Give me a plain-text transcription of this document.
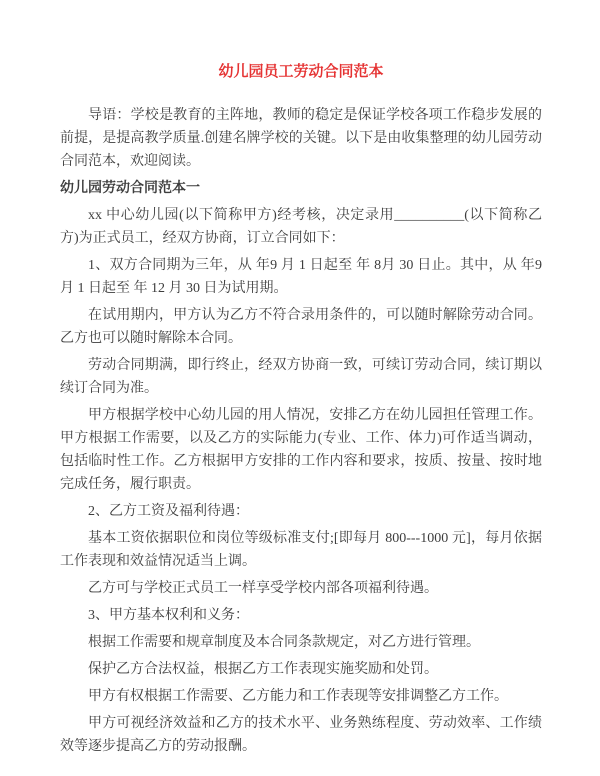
幼儿园员工劳动合同范本

导语：学校是教育的主阵地，教师的稳定是保证学校各项工作稳步发展的前提，是提高教学质量.创建名牌学校的关键。以下是由收集整理的幼儿园劳动合同范本，欢迎阅读。

幼儿园劳动合同范本一

xx 中心幼儿园(以下简称甲方)经考核，决定录用__________(以下简称乙方)为正式员工，经双方协商，订立合同如下：

1、双方合同期为三年，从 年9 月 1 日起至 年 8月 30 日止。其中，从 年9 月 1 日起至 年 12 月 30 日为试用期。

在试用期内，甲方认为乙方不符合录用条件的，可以随时解除劳动合同。乙方也可以随时解除本合同。

劳动合同期满，即行终止，经双方协商一致，可续订劳动合同，续订期以续订合同为准。

甲方根据学校中心幼儿园的用人情况，安排乙方在幼儿园担任管理工作。甲方根据工作需要，以及乙方的实际能力(专业、工作、体力)可作适当调动，包括临时性工作。乙方根据甲方安排的工作内容和要求，按质、按量、按时地完成任务，履行职责。

2、乙方工资及福利待遇：

基本工资依据职位和岗位等级标准支付;[即每月 800---1000 元]，每月依据工作表现和效益情况适当上调。

乙方可与学校正式员工一样享受学校内部各项福利待遇。

3、甲方基本权利和义务：

根据工作需要和规章制度及本合同条款规定，对乙方进行管理。

保护乙方合法权益，根据乙方工作表现实施奖励和处罚。

甲方有权根据工作需要、乙方能力和工作表现等安排调整乙方工作。

甲方可视经济效益和乙方的技术水平、业务熟练程度、劳动效率、工作绩效等逐步提高乙方的劳动报酬。
